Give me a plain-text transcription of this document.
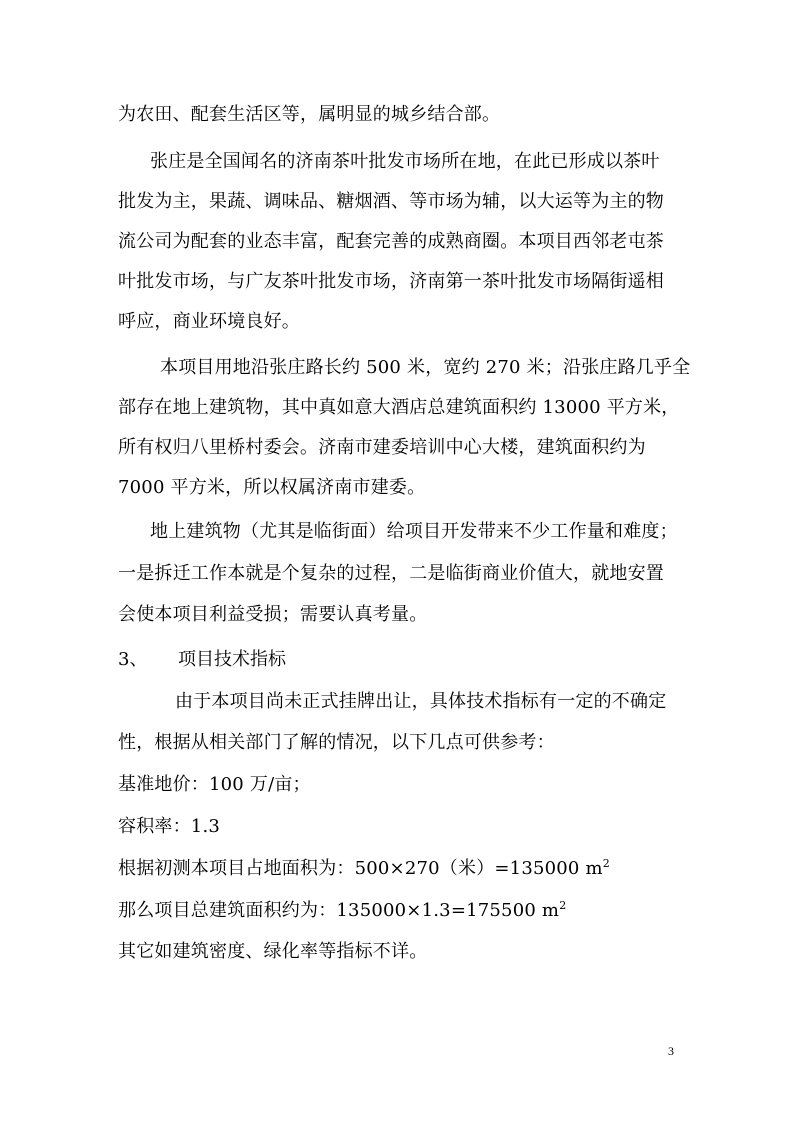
为农田、配套生活区等，属明显的城乡结合部。
张庄是全国闻名的济南茶叶批发市场所在地，在此已形成以茶叶
批发为主，果蔬、调味品、糖烟酒、等市场为辅，以大运等为主的物
流公司为配套的业态丰富，配套完善的成熟商圈。本项目西邻老屯茶
叶批发市场，与广友茶叶批发市场，济南第一茶叶批发市场隔街遥相
呼应，商业环境良好。
本项目用地沿张庄路长约 500 米，宽约 270 米；沿张庄路几乎全
部存在地上建筑物，其中真如意大酒店总建筑面积约 13000 平方米，
所有权归八里桥村委会。济南市建委培训中心大楼，建筑面积约为
7000 平方米，所以权属济南市建委。
地上建筑物（尤其是临街面）给项目开发带来不少工作量和难度；
一是拆迁工作本就是个复杂的过程，二是临街商业价值大，就地安置
会使本项目利益受损；需要认真考量。
3、 项目技术指标
由于本项目尚未正式挂牌出让，具体技术指标有一定的不确定
性，根据从相关部门了解的情况，以下几点可供参考：
基准地价：100 万/亩；
容积率：1.3
根据初测本项目占地面积为：500×270（米）=135000 $m^2$
那么项目总建筑面积约为：135000×1.3=175500 $m^2$
其它如建筑密度、绿化率等指标不详。
3
